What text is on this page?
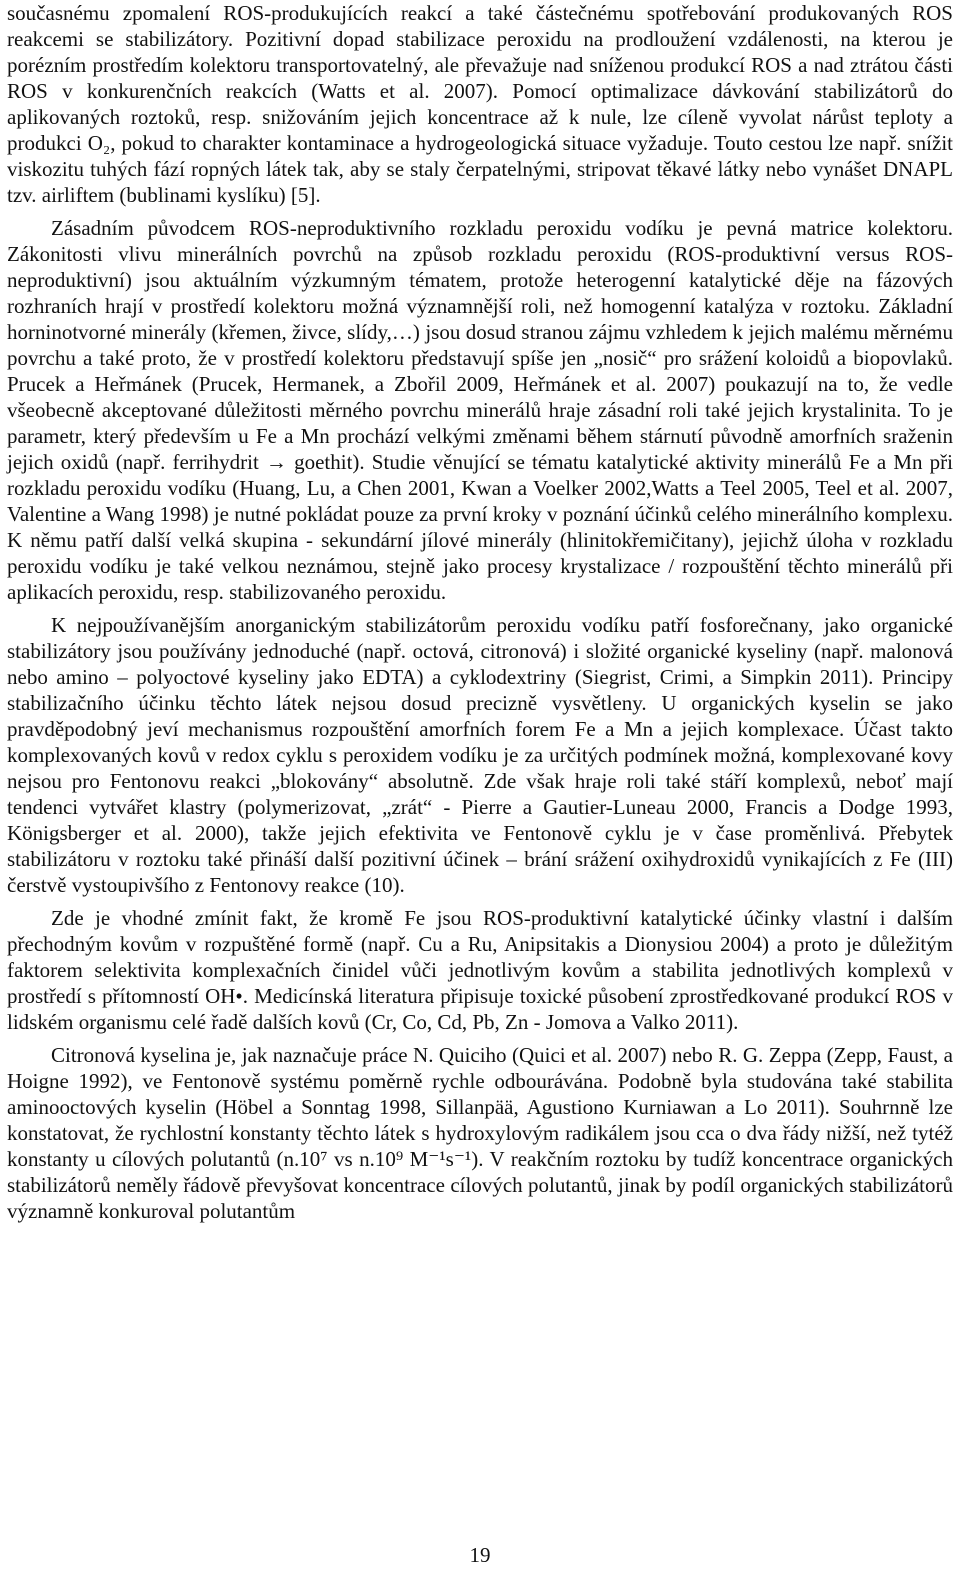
současnému zpomalení ROS-produkujících reakcí a také částečnému spotřebování produkovaných ROS reakcemi se stabilizátory. Pozitivní dopad stabilizace peroxidu na prodloužení vzdálenosti, na kterou je porézním prostředím kolektoru transportovatelný, ale převažuje nad sníženou produkcí ROS a nad ztrátou části ROS v konkurenčních reakcích (Watts et al. 2007). Pomocí optimalizace dávkování stabilizátorů do aplikovaných roztoků, resp. snižováním jejich koncentrace až k nule, lze cíleně vyvolat nárůst teploty a produkci O₂, pokud to charakter kontaminace a hydrogeologická situace vyžaduje. Touto cestou lze např. snížit viskozitu tuhých fází ropných látek tak, aby se staly čerpatelnými, stripovat těkavé látky nebo vynášet DNAPL tzv. airliftem (bublinami kyslíku) [5].

Zásadním původcem ROS-neproduktivního rozkladu peroxidu vodíku je pevná matrice kolektoru. Zákonitosti vlivu minerálních povrchů na způsob rozkladu peroxidu (ROS-produktivní versus ROS-neproduktivní) jsou aktuálním výzkumným tématem, protože heterogenní katalytické děje na fázových rozhraních hrají v prostředí kolektoru možná významnější roli, než homogenní katalýza v roztoku. Základní horninotvorné minerály (křemen, živce, slídy,…) jsou dosud stranou zájmu vzhledem k jejich malému měrnému povrchu a také proto, že v prostředí kolektoru představují spíše jen „nosič“ pro srážení koloidů a biopovlaků. Prucek a Heřmánek (Prucek, Hermanek, a Zbořil 2009, Heřmánek et al. 2007) poukazují na to, že vedle všeobecně akceptované důležitosti měrného povrchu minerálů hraje zásadní roli také jejich krystalinita. To je parametr, který především u Fe a Mn prochází velkými změnami během stárnutí původně amorfních sraženin jejich oxidů (např. ferrihydrit → goethit). Studie věnující se tématu katalytické aktivity minerálů Fe a Mn při rozkladu peroxidu vodíku (Huang, Lu, a Chen 2001, Kwan a Voelker 2002,Watts a Teel 2005, Teel et al. 2007, Valentine a Wang 1998) je nutné pokládat pouze za první kroky v poznání účinků celého minerálního komplexu. K němu patří další velká skupina - sekundární jílové minerály (hlinitokřemičitany), jejichž úloha v rozkladu peroxidu vodíku je také velkou neznámou, stejně jako procesy krystalizace / rozpouštění těchto minerálů při aplikacích peroxidu, resp. stabilizovaného peroxidu.

K nejpoužívanějším anorganickým stabilizátorům peroxidu vodíku patří fosforečnany, jako organické stabilizátory jsou používány jednoduché (např. octová, citronová) i složité organické kyseliny (např. malonová nebo amino – polyoctové kyseliny jako EDTA) a cyklodextriny (Siegrist, Crimi, a Simpkin 2011). Principy stabilizačního účinku těchto látek nejsou dosud precizně vysvětleny. U organických kyselin se jako pravděpodobný jeví mechanismus rozpouštění amorfních forem Fe a Mn a jejich komplexace. Účast takto komplexovaných kovů v redox cyklu s peroxidem vodíku je za určitých podmínek možná, komplexované kovy nejsou pro Fentonovu reakci „blokovány“ absolutně. Zde však hraje roli také stáří komplexů, neboť mají tendenci vytvářet klastry (polymerizovat, „zrát“ - Pierre a Gautier-Luneau 2000, Francis a Dodge 1993, Königsberger et al. 2000), takže jejich efektivita ve Fentonově cyklu je v čase proměnlivá. Přebytek stabilizátoru v roztoku také přináší další pozitivní účinek – brání srážení oxihydroxidů vynikajících z Fe (III) čerstvě vystoupivšího z Fentonovy reakce (10).

Zde je vhodné zmínit fakt, že kromě Fe jsou ROS-produktivní katalytické účinky vlastní i dalším přechodným kovům v rozpuštěné formě (např. Cu a Ru, Anipsitakis a Dionysiou 2004) a proto je důležitým faktorem selektivita komplexačních činidel vůči jednotlivým kovům a stabilita jednotlivých komplexů v prostředí s přítomností OH•. Medicínská literatura připisuje toxické působení zprostředkované produkcí ROS v lidském organismu celé řadě dalších kovů (Cr, Co, Cd, Pb, Zn - Jomova a Valko 2011).

Citronová kyselina je, jak naznačuje práce N. Quiciho (Quici et al. 2007) nebo R. G. Zeppa (Zepp, Faust, a Hoigne 1992), ve Fentonově systému poměrně rychle odbourávána. Podobně byla studována také stabilita aminooctových kyselin (Höbel a Sonntag 1998, Sillanpää, Agustiono Kurniawan a Lo 2011). Souhrnně lze konstatovat, že rychlostní konstanty těchto látek s hydroxylovým radikálem jsou cca o dva řády nižší, než tytéž konstanty u cílových polutantů (n.10⁷ vs n.10⁹ M⁻¹s⁻¹). V reakčním roztoku by tudíž koncentrace organických stabilizátorů neměly řádově převyšovat koncentrace cílových polutantů, jinak by podíl organických stabilizátorů významně konkuroval polutantům

19
